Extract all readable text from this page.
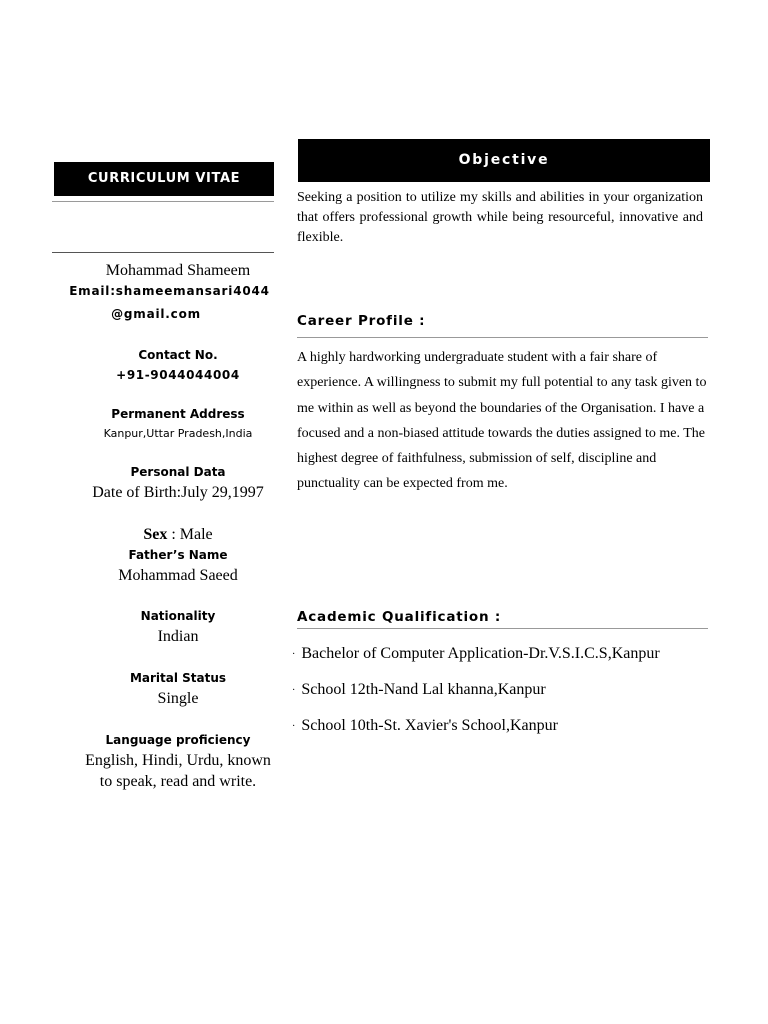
CURRICULUM VITAE
Mohammad Shameem
Email:shameemansari4044
@gmail.com
Contact No.
+91-9044044004
Permanent Address
Kanpur,Uttar Pradesh,India
Personal Data
Date of Birth:July 29,1997
Sex : Male
Father’s Name
Mohammad Saeed
Nationality
Indian
Marital Status
Single
Language proficiency
English, Hindi, Urdu, known
to speak, read and write.
Objective
Seeking a position to utilize my skills and abilities in your organization that offers professional growth while being resourceful, innovative and flexible.
Career Profile :
A highly hardworking undergraduate student with a fair share of experience. A willingness to submit my full potential to any task given to me within as well as beyond the boundaries of the Organisation. I have a focused and a non-biased attitude towards the duties assigned to me. The highest degree of faithfulness, submission of self, discipline and punctuality can be expected from me.
Academic Qualification :
· Bachelor of Computer Application-Dr.V.S.I.C.S,Kanpur
· School 12th-Nand Lal khanna,Kanpur
· School 10th-St. Xavier's School,Kanpur
